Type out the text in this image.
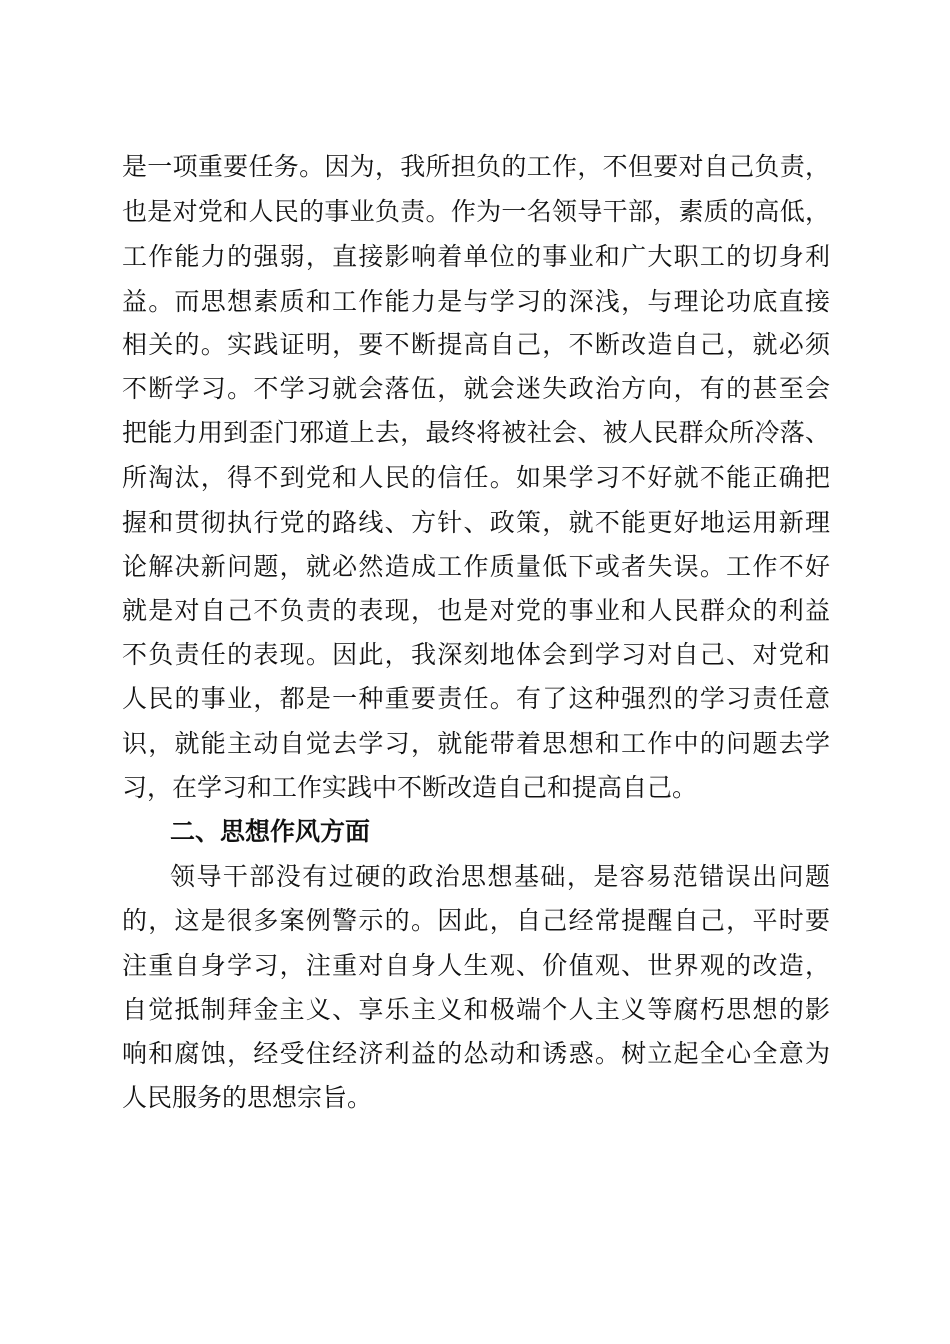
是一项重要任务。因为，我所担负的工作，不但要对自己负责，
也是对党和人民的事业负责。作为一名领导干部，素质的高低，
工作能力的强弱，直接影响着单位的事业和广大职工的切身利
益。而思想素质和工作能力是与学习的深浅，与理论功底直接
相关的。实践证明，要不断提高自己，不断改造自己，就必须
不断学习。不学习就会落伍，就会迷失政治方向，有的甚至会
把能力用到歪门邪道上去，最终将被社会、被人民群众所冷落、
所淘汰，得不到党和人民的信任。如果学习不好就不能正确把
握和贯彻执行党的路线、方针、政策，就不能更好地运用新理
论解决新问题，就必然造成工作质量低下或者失误。工作不好
就是对自己不负责的表现，也是对党的事业和人民群众的利益
不负责任的表现。因此，我深刻地体会到学习对自己、对党和
人民的事业，都是一种重要责任。有了这种强烈的学习责任意
识，就能主动自觉去学习，就能带着思想和工作中的问题去学
习，在学习和工作实践中不断改造自己和提高自己。
二、思想作风方面
领导干部没有过硬的政治思想基础，是容易范错误出问题
的，这是很多案例警示的。因此，自己经常提醒自己，平时要
注重自身学习，注重对自身人生观、价值观、世界观的改造，
自觉抵制拜金主义、享乐主义和极端个人主义等腐朽思想的影
响和腐蚀，经受住经济利益的怂动和诱惑。树立起全心全意为
人民服务的思想宗旨。
